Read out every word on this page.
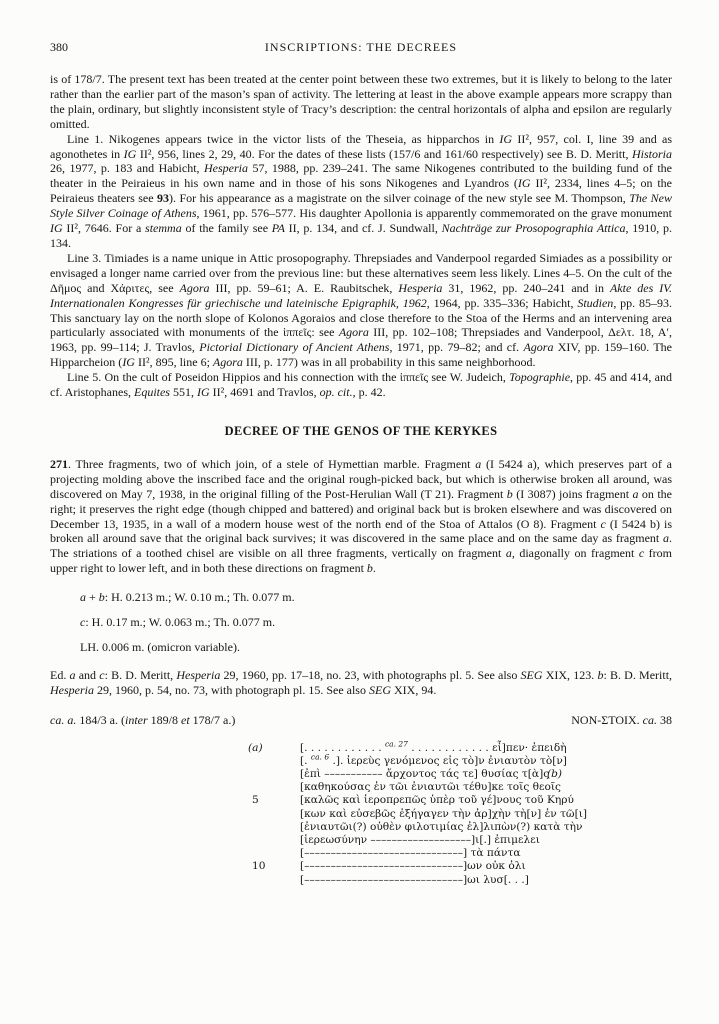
380	INSCRIPTIONS: THE DECREES

is of 178/7. The present text has been treated at the center point between these two extremes, but it is likely to belong to the later rather than the earlier part of the mason’s span of activity. The lettering at least in the above example appears more scrappy than the plain, ordinary, but slightly inconsistent style of Tracy’s description: the central horizontals of alpha and epsilon are regularly omitted.

Line 1. Nikogenes appears twice in the victor lists of the Theseia, as hipparchos in IG II², 957, col. I, line 39 and as agonothetes in IG II², 956, lines 2, 29, 40. For the dates of these lists (157/6 and 161/60 respectively) see B. D. Meritt, Historia 26, 1977, p. 183 and Habicht, Hesperia 57, 1988, pp. 239–241. The same Nikogenes contributed to the building fund of the theater in the Peiraieus in his own name and in those of his sons Nikogenes and Lyandros (IG II², 2334, lines 4–5; on the Peiraieus theaters see 93). For his appearance as a magistrate on the silver coinage of the new style see M. Thompson, The New Style Silver Coinage of Athens, 1961, pp. 576–577. His daughter Apollonia is apparently commemorated on the grave monument IG II², 7646. For a stemma of the family see PA II, p. 134, and cf. J. Sundwall, Nachträge zur Prosopographia Attica, 1910, p. 134.

Line 3. Timiades is a name unique in Attic prosopography. Threpsiades and Vanderpool regarded Simiades as a possibility or envisaged a longer name carried over from the previous line: but these alternatives seem less likely. Lines 4–5. On the cult of the Δῆμος and Χάριτες, see Agora III, pp. 59–61; A. E. Raubitschek, Hesperia 31, 1962, pp. 240–241 and in Akte des IV. Internationalen Kongresses für griechische und lateinische Epigraphik, 1962, 1964, pp. 335–336; Habicht, Studien, pp. 85–93. This sanctuary lay on the north slope of Kolonos Agoraios and close therefore to the Stoa of the Herms and an intervening area particularly associated with monuments of the ἱππεῖς: see Agora III, pp. 102–108; Threpsiades and Vanderpool, Δελτ. 18, Α′, 1963, pp. 99–114; J. Travlos, Pictorial Dictionary of Ancient Athens, 1971, pp. 79–82; and cf. Agora XIV, pp. 159–160. The Hipparcheion (IG II², 895, line 6; Agora III, p. 177) was in all probability in this same neighborhood.

Line 5. On the cult of Poseidon Hippios and his connection with the ἱππεῖς see W. Judeich, Topographie, pp. 45 and 414, and cf. Aristophanes, Equites 551, IG II², 4691 and Travlos, op. cit., p. 42.

DECREE OF THE GENOS OF THE KERYKES

271. Three fragments, two of which join, of a stele of Hymettian marble. Fragment a (I 5424 a), which preserves part of a projecting molding above the inscribed face and the original rough-picked back, but which is otherwise broken all around, was discovered on May 7, 1938, in the original filling of the Post-Herulian Wall (T 21). Fragment b (I 3087) joins fragment a on the right; it preserves the right edge (though chipped and battered) and original back but is broken elsewhere and was discovered on December 13, 1935, in a wall of a modern house west of the north end of the Stoa of Attalos (O 8). Fragment c (I 5424 b) is broken all around save that the original back survives; it was discovered in the same place and on the same day as fragment a. The striations of a toothed chisel are visible on all three fragments, vertically on fragment a, diagonally on fragment c from upper right to lower left, and in both these directions on fragment b.

a + b: H. 0.213 m.; W. 0.10 m.; Th. 0.077 m.

c: H. 0.17 m.; W. 0.063 m.; Th. 0.077 m.

LH. 0.006 m. (omicron variable).

Ed. a and c: B. D. Meritt, Hesperia 29, 1960, pp. 17–18, no. 23, with photographs pl. 5. See also SEG XIX, 123. b: B. D. Meritt, Hesperia 29, 1960, p. 54, no. 73, with photograph pl. 15. See also SEG XIX, 94.

ca. a. 184/3 a. (inter 189/8 et 178/7 a.)	ΝΟΝ-ΣΤΟΙΧ. ca. 38
(a)	[. . . . . . . . . . . . $^{ca. 27}$ . . . . . . . . . . . . εἶ]πεν· ἐπειδὴ
[. $^{ca. 6}$ .]. ἱερεὺς γενόμενος εἰς τὸ]ν ἐνιαυτὸν τὸ[ν]
[ἐπὶ ––––––––––– ἄρχοντος τάς τε] θυσίας τ[ὰ]ς
(b)
[καθηκούσας ἐν τῶι ἐνιαυτῶι τέθυ]κε τοῖς θεοῖς
5	[καλῶς καὶ ἱεροπρεπῶς ὑπὲρ τοῦ γέ]νους τοῦ Κηρύ
[κων καὶ εὐσεβῶς ἐξήγαγεν τὴν ἀρ]χὴν τὴ[ν] ἐν τῶ[ι]
[ἐνιαυτῶι(?) οὐθὲν φιλοτιμίας ἐλ]λιπὼν(?) κατὰ τὴν
[ἱερεωσύνην –––––––––––––––––––]ι[.] ἐπιμελει
[––––––––––––––––––––––––––––––] τὰ πάντα
10	[––––––––––––––––––––––––––––––]ων οὐκ ὀλι
[––––––––––––––––––––––––––––––]ωι λυσ[. . .]
